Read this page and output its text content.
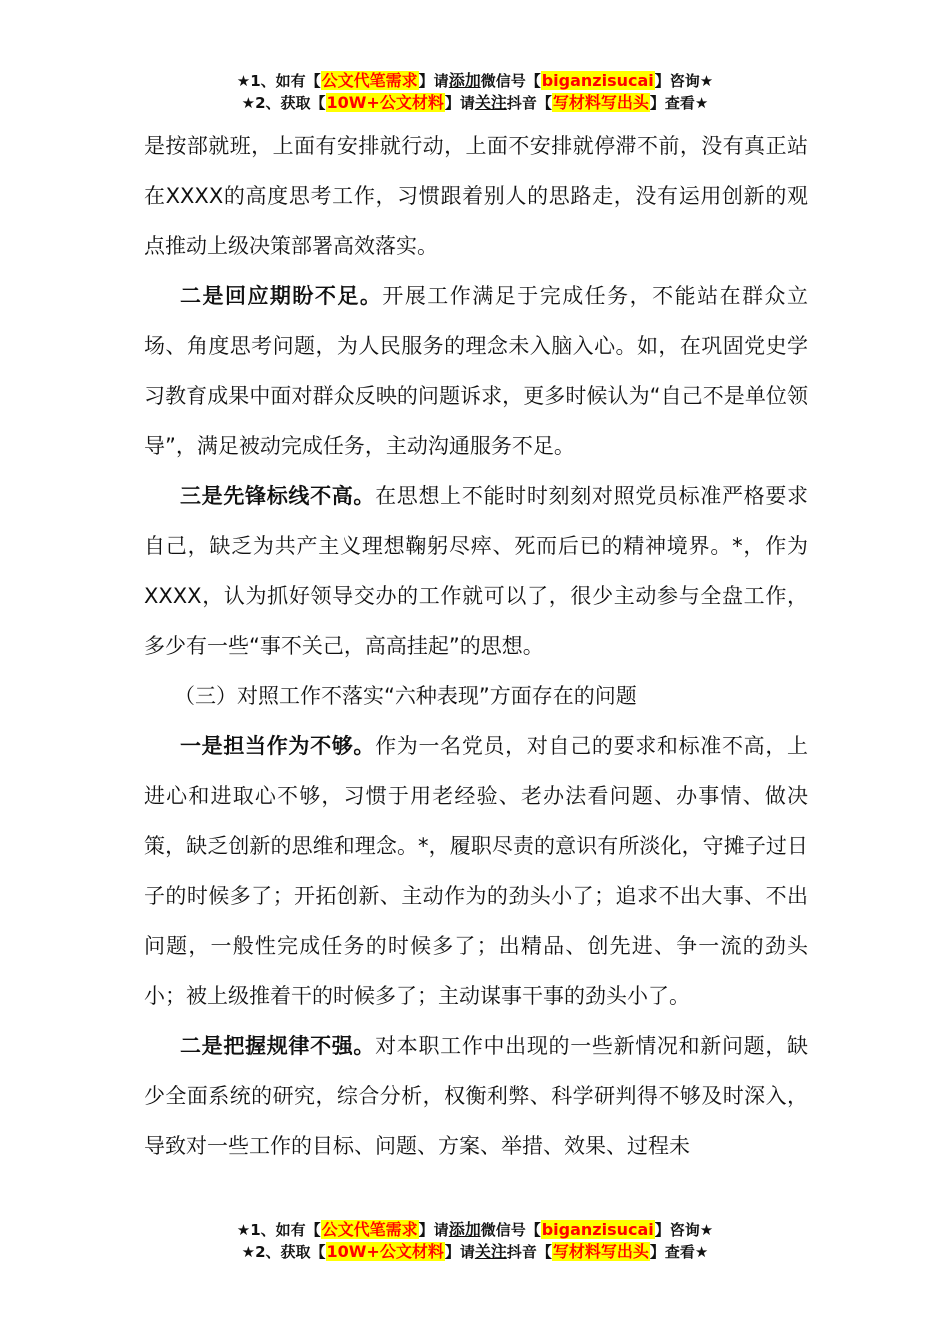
★1、如有【公文代笔需求】请添加微信号【biganzisucai】咨询★
★2、获取【10W+公文材料】请关注抖音【写材料写出头】查看★

是按部就班，上面有安排就行动，上面不安排就停滞不前，没有真正站在XXXX的高度思考工作，习惯跟着别人的思路走，没有运用创新的观点推动上级决策部署高效落实。

二是回应期盼不足。开展工作满足于完成任务，不能站在群众立场、角度思考问题，为人民服务的理念未入脑入心。如，在巩固党史学习教育成果中面对群众反映的问题诉求，更多时候认为“自己不是单位领导”，满足被动完成任务，主动沟通服务不足。

三是先锋标线不高。在思想上不能时时刻刻对照党员标准严格要求自己，缺乏为共产主义理想鞠躬尽瘁、死而后已的精神境界。*，作为XXXX，认为抓好领导交办的工作就可以了，很少主动参与全盘工作，多少有一些“事不关己，高高挂起”的思想。

（三）对照工作不落实“六种表现”方面存在的问题

一是担当作为不够。作为一名党员，对自己的要求和标准不高，上进心和进取心不够，习惯于用老经验、老办法看问题、办事情、做决策，缺乏创新的思维和理念。*，履职尽责的意识有所淡化，守摊子过日子的时候多了；开拓创新、主动作为的劲头小了；追求不出大事、不出问题，一般性完成任务的时候多了；出精品、创先进、争一流的劲头小；被上级推着干的时候多了；主动谋事干事的劲头小了。

二是把握规律不强。对本职工作中出现的一些新情况和新问题，缺少全面系统的研究，综合分析，权衡利弊、科学研判得不够及时深入，导致对一些工作的目标、问题、方案、举措、效果、过程未

★1、如有【公文代笔需求】请添加微信号【biganzisucai】咨询★
★2、获取【10W+公文材料】请关注抖音【写材料写出头】查看★
